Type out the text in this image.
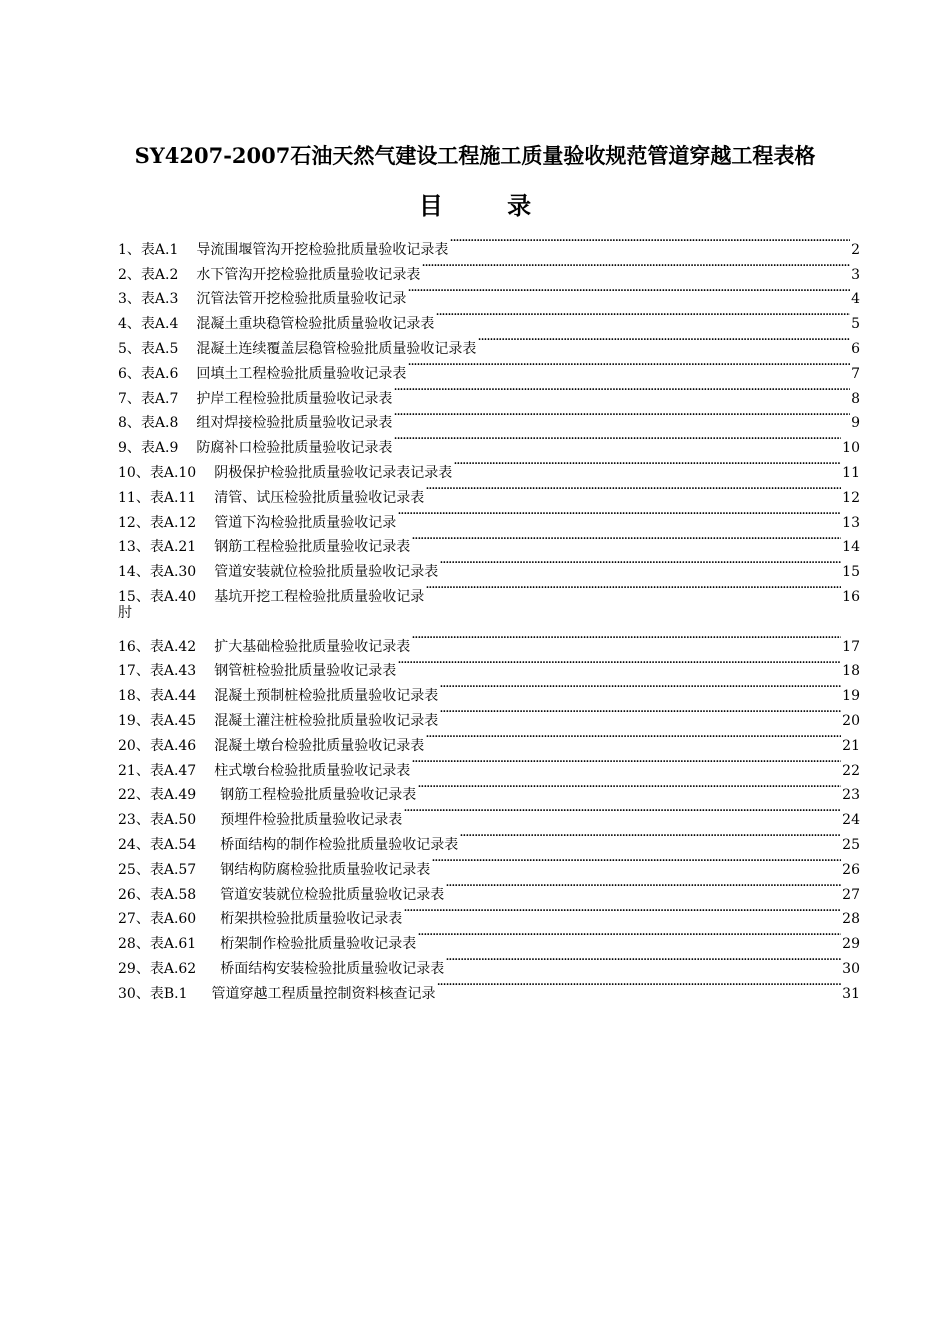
SY4207-2007石油天然气建设工程施工质量验收规范管道穿越工程表格
目 录
1、 表A.1 导流围堰管沟开挖检验批质量验收记录表 ·····	2
2、 表A.2 水下管沟开挖检验批质量验收记录表 ·····	3
3、 表A.3 沉管法管开挖检验批质量验收记录 ·····	4
4、 表A.4 混凝土重块稳管检验批质量验收记录表 ·····	5
5、 表A.5 混凝土连续覆盖层稳管检验批质量验收记录表 ·····	6
6、 表A.6 回填土工程检验批质量验收记录表 ·····	7
7、 表A.7 护岸工程检验批质量验收记录表 ·····	8
8、 表A.8 组对焊接检验批质量验收记录表 ·····	9
9、 表A.9 防腐补口检验批质量验收记录表 ·····	10
10、 表A.10 阴极保护检验批质量验收记录表记录表 ·····	11
11、 表A.11 清管、试压检验批质量验收记录表 ·····	12
12、 表A.12 管道下沟检验批质量验收记录 ·····	13
13、 表A.21 钢筋工程检验批质量验收记录表 ·····	14
14、 表A.30 管道安装就位检验批质量验收记录表 ·····	15
15、 表A.40 基坑开挖工程检验批质量验收记录 ·····	16
肘
16、 表A.42 扩大基础检验批质量验收记录表 ·····	17
17、 表A.43 钢管桩检验批质量验收记录表 ·····	18
18、 表A.44 混凝土预制桩检验批质量验收记录表 ·····	19
19、 表A.45 混凝土灌注桩检验批质量验收记录表 ·····	20
20、 表A.46 混凝土墩台检验批质量验收记录表 ·····	21
21、 表A.47 柱式墩台检验批质量验收记录表 ·····	22
22、 表A.49 钢筋工程检验批质量验收记录表 ·····	23
23、 表A.50 预埋件检验批质量验收记录表 ·····	24
24、 表A.54 桥面结构的制作检验批质量验收记录表 ·····	25
25、 表A.57 钢结构防腐检验批质量验收记录表 ·····	26
26、 表A.58 管道安装就位检验批质量验收记录表 ·····	27
27、 表A.60 桁架拱检验批质量验收记录表 ·····	28
28、 表A.61 桁架制作检验批质量验收记录表 ·····	29
29、 表A.62 桥面结构安装检验批质量验收记录表 ·····	30
30、 表B.1 管道穿越工程质量控制资料核查记录 ·····	31
